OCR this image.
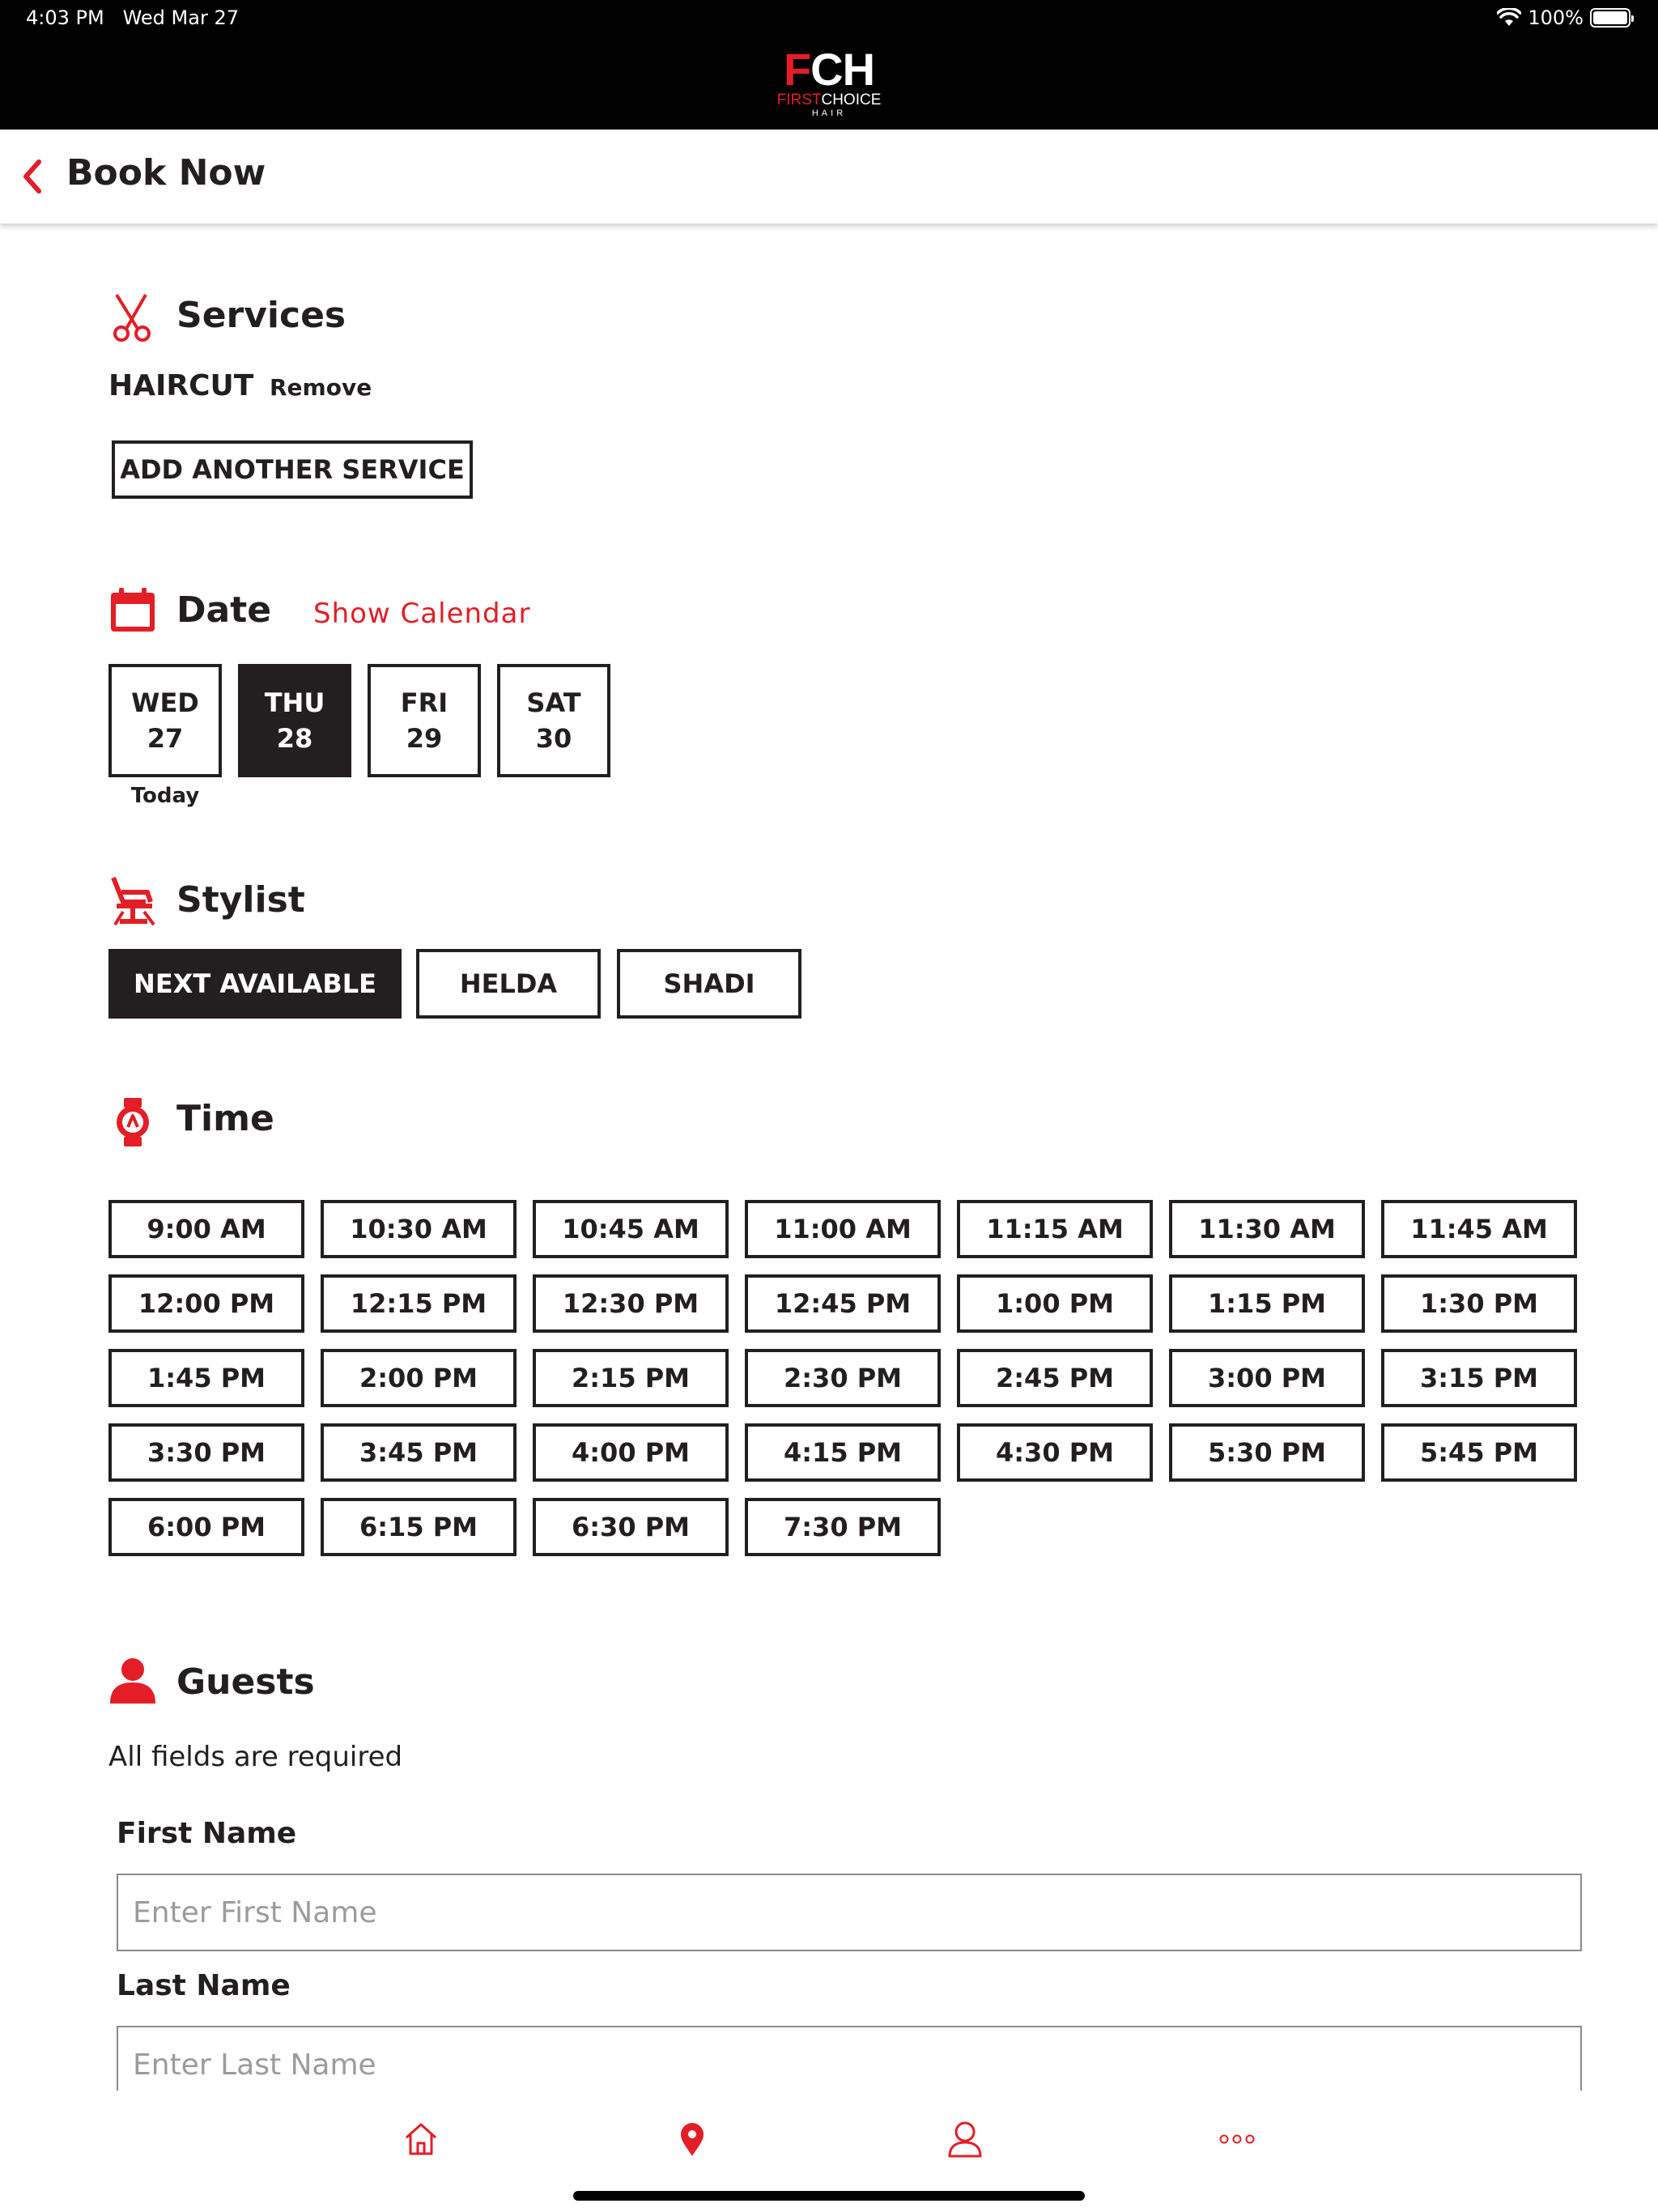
4:03 PM Wed Mar 27	100%
FCH
FIRSTCHOICE
HAIR
Book Now
Services
HAIRCUT Remove
ADD ANOTHER SERVICE
Date Show Calendar
WED
27
Today
THU
28
FRI
29
SAT
30
Stylist
NEXT AVAILABLE	HELDA	SHADI
Time
9:00 AM	10:30 AM	10:45 AM	11:00 AM	11:15 AM	11:30 AM	11:45 AM
12:00 PM	12:15 PM	12:30 PM	12:45 PM	1:00 PM	1:15 PM	1:30 PM
1:45 PM	2:00 PM	2:15 PM	2:30 PM	2:45 PM	3:00 PM	3:15 PM
3:30 PM	3:45 PM	4:00 PM	4:15 PM	4:30 PM	5:30 PM	5:45 PM
6:00 PM	6:15 PM	6:30 PM	7:30 PM
Guests
All fields are required
First Name
Enter First Name
Last Name
Enter Last Name
